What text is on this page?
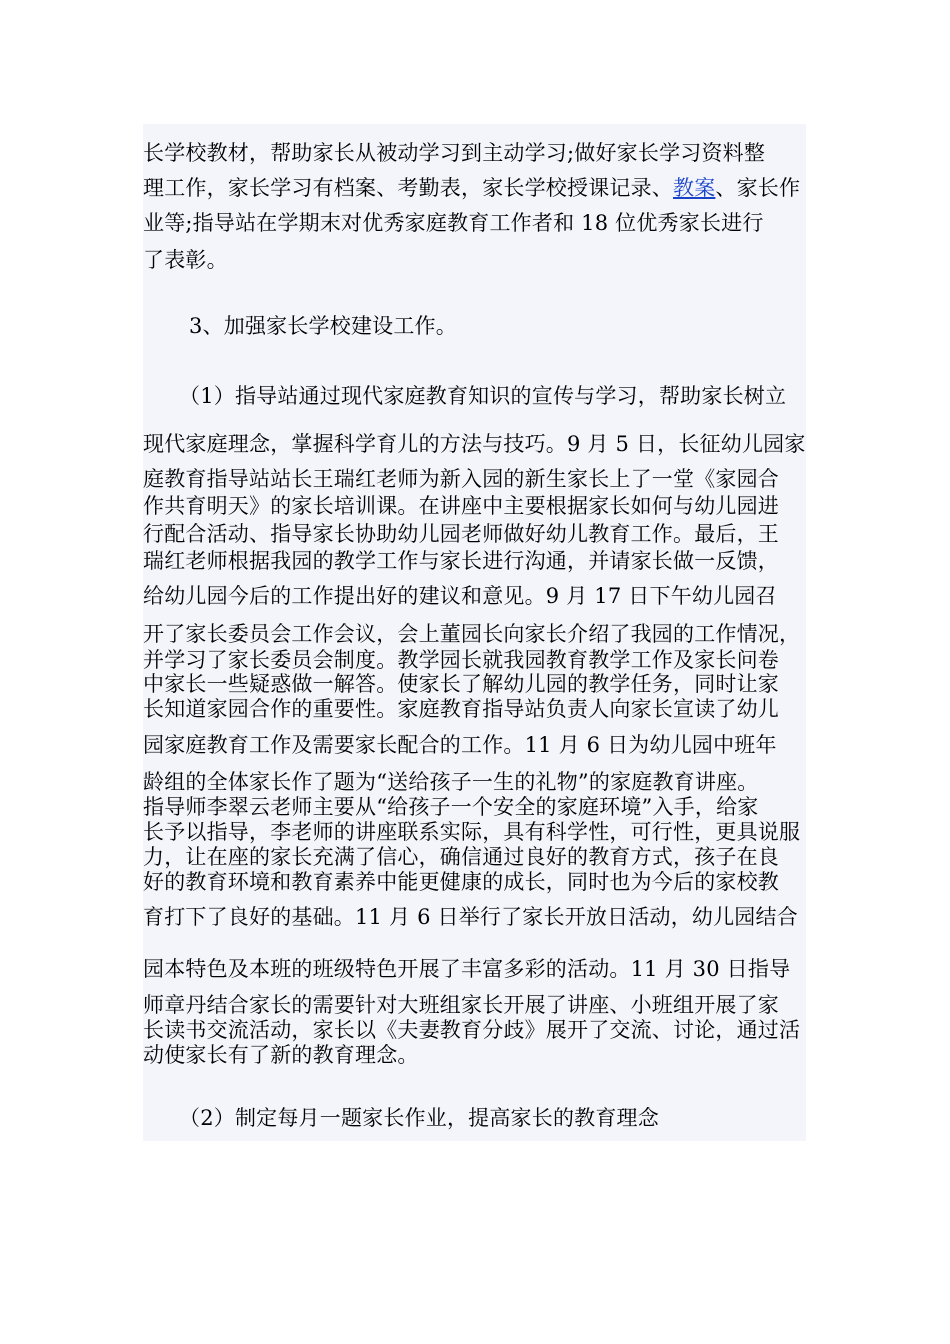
长学校教材，帮助家长从被动学习到主动学习;做好家长学习资料整
理工作，家长学习有档案、考勤表，家长学校授课记录、教案、家长作
业等;指导站在学期末对优秀家庭教育工作者和 18 位优秀家长进行
了表彰。
3、加强家长学校建设工作。
（1）指导站通过现代家庭教育知识的宣传与学习，帮助家长树立
现代家庭理念，掌握科学育儿的方法与技巧。9 月 5 日，长征幼儿园家
庭教育指导站站长王瑞红老师为新入园的新生家长上了一堂《家园合
作共育明天》的家长培训课。在讲座中主要根据家长如何与幼儿园进
行配合活动、指导家长协助幼儿园老师做好幼儿教育工作。最后，王
瑞红老师根据我园的教学工作与家长进行沟通，并请家长做一反馈，
给幼儿园今后的工作提出好的建议和意见。9 月 17 日下午幼儿园召
开了家长委员会工作会议，会上董园长向家长介绍了我园的工作情况，
并学习了家长委员会制度。教学园长就我园教育教学工作及家长问卷
中家长一些疑惑做一解答。使家长了解幼儿园的教学任务，同时让家
长知道家园合作的重要性。家庭教育指导站负责人向家长宣读了幼儿
园家庭教育工作及需要家长配合的工作。11 月 6 日为幼儿园中班年
龄组的全体家长作了题为“送给孩子一生的礼物”的家庭教育讲座。
指导师李翠云老师主要从“给孩子一个安全的家庭环境”入手，给家
长予以指导，李老师的讲座联系实际，具有科学性，可行性，更具说服
力，让在座的家长充满了信心，确信通过良好的教育方式，孩子在良
好的教育环境和教育素养中能更健康的成长，同时也为今后的家校教
育打下了良好的基础。11 月 6 日举行了家长开放日活动，幼儿园结合
园本特色及本班的班级特色开展了丰富多彩的活动。11 月 30 日指导
师章丹结合家长的需要针对大班组家长开展了讲座、小班组开展了家
长读书交流活动，家长以《夫妻教育分歧》展开了交流、讨论，通过活
动使家长有了新的教育理念。
（2）制定每月一题家长作业，提高家长的教育理念
